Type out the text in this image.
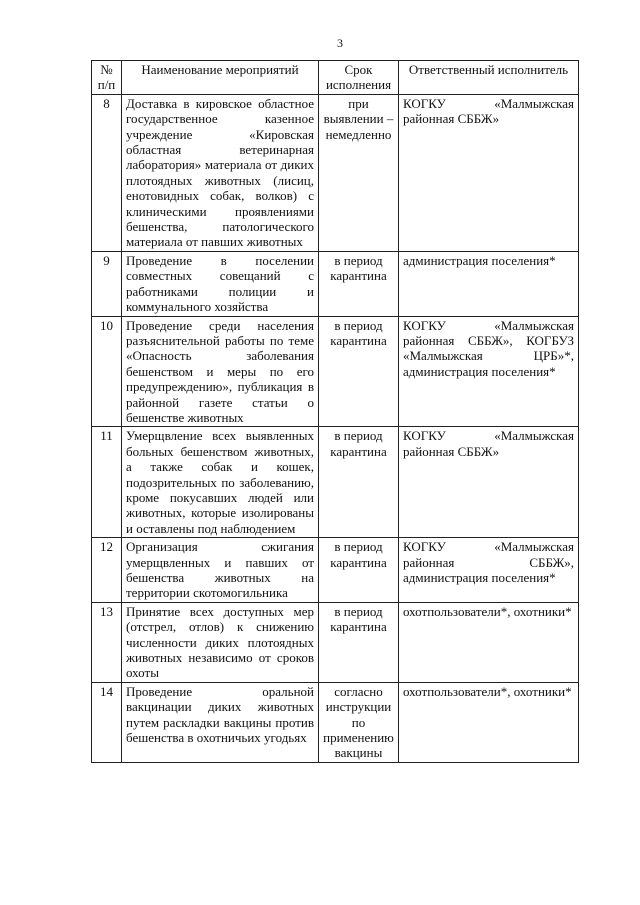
3
№ п/п	Наименование мероприятий	Срок исполнения	Ответственный исполнитель
8	Доставка в кировское областное государственное казенное учреждение «Кировская областная ветеринарная лаборатория» материала от диких плотоядных животных (лисиц, енотовидных собак, волков) с клиническими проявлениями бешенства, патологического материала от павших животных	при выявлении – немедленно	КОГКУ «Малмыжская районная СББЖ»
9	Проведение в поселении совместных совещаний с работниками полиции и коммунального хозяйства	в период карантина	администрация поселения*
10	Проведение среди населения разъяснительной работы по теме «Опасность заболевания бешенством и меры по его предупреждению», публикация в районной газете статьи о бешенстве животных	в период карантина	КОГКУ «Малмыжская районная СББЖ», КОГБУЗ «Малмыжская ЦРБ»*, администрация поселения*
11	Умерщвление всех выявленных больных бешенством животных, а также собак и кошек, подозрительных по заболеванию, кроме покусавших людей или животных, которые изолированы и оставлены под наблюдением	в период карантина	КОГКУ «Малмыжская районная СББЖ»
12	Организация сжигания умерщвленных и павших от бешенства животных на территории скотомогильника	в период карантина	КОГКУ «Малмыжская районная СББЖ», администрация поселения*
13	Принятие всех доступных мер (отстрел, отлов) к снижению численности диких плотоядных животных независимо от сроков охоты	в период карантина	охотпользователи*, охотники*
14	Проведение оральной вакцинации диких животных путем раскладки вакцины против бешенства в охотничьих угодьях	согласно инструкции по применению вакцины	охотпользователи*, охотники*
